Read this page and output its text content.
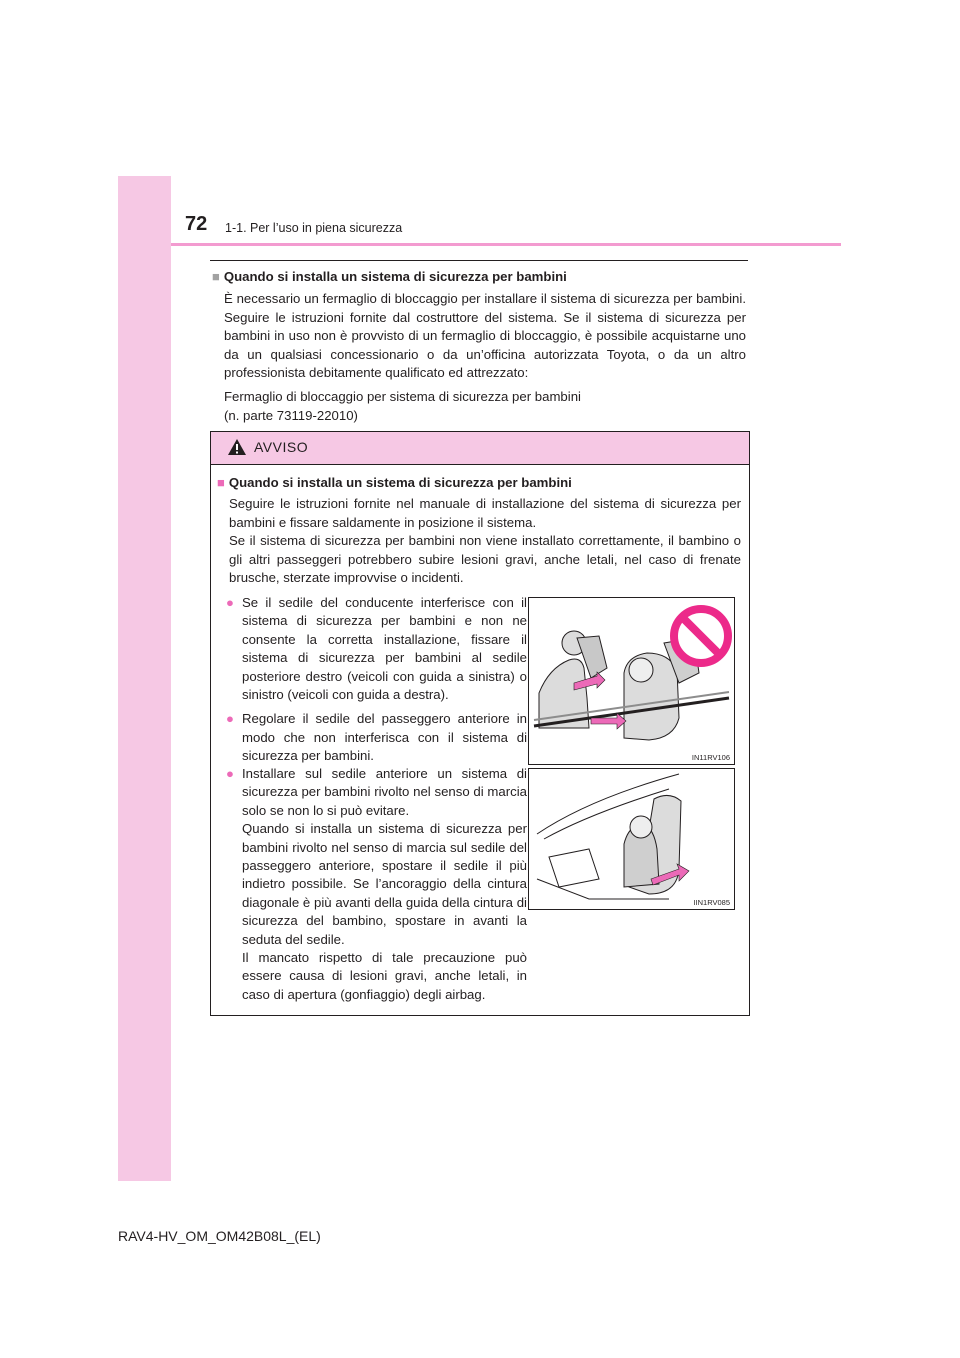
72 1-1. Per l’uso in piena sicurezza
■ Quando si installa un sistema di sicurezza per bambini
È necessario un fermaglio di bloccaggio per installare il sistema di sicurezza per bambini. Seguire le istruzioni fornite dal costruttore del sistema. Se il sistema di sicurezza per bambini in uso non è provvisto di un fermaglio di bloccaggio, è possibile acquistarne uno da un qualsiasi concessionario o da un’officina autorizzata Toyota, o da un altro professionista debitamente qualificato ed attrezzato:
Fermaglio di bloccaggio per sistema di sicurezza per bambini
(n. parte 73119-22010)
AVVISO
■ Quando si installa un sistema di sicurezza per bambini
Seguire le istruzioni fornite nel manuale di installazione del sistema di sicurezza per bambini e fissare saldamente in posizione il sistema.
Se il sistema di sicurezza per bambini non viene installato correttamente, il bambino o gli altri passeggeri potrebbero subire lesioni gravi, anche letali, nel caso di frenate brusche, sterzate improvvise o incidenti.
● Se il sedile del conducente interferisce con il sistema di sicurezza per bambini e non ne consente la corretta installazione, fissare il sistema di sicurezza per bambini al sedile posteriore destro (veicoli con guida a sinistra) o sinistro (veicoli con guida a destra).
● Regolare il sedile del passeggero anteriore in modo che non interferisca con il sistema di sicurezza per bambini.
● Installare sul sedile anteriore un sistema di sicurezza per bambini rivolto nel senso di marcia solo se non lo si può evitare.
Quando si installa un sistema di sicurezza per bambini rivolto nel senso di marcia sul sedile del passeggero anteriore, spostare il sedile il più indietro possibile. Se l’ancoraggio della cintura diagonale è più avanti della guida della cintura di sicurezza del bambino, spostare in avanti la seduta del sedile.
Il mancato rispetto di tale precauzione può essere causa di lesioni gravi, anche letali, in caso di apertura (gonfiaggio) degli airbag.
IN11RV106
IIN1RV085
RAV4-HV_OM_OM42B08L_(EL)
